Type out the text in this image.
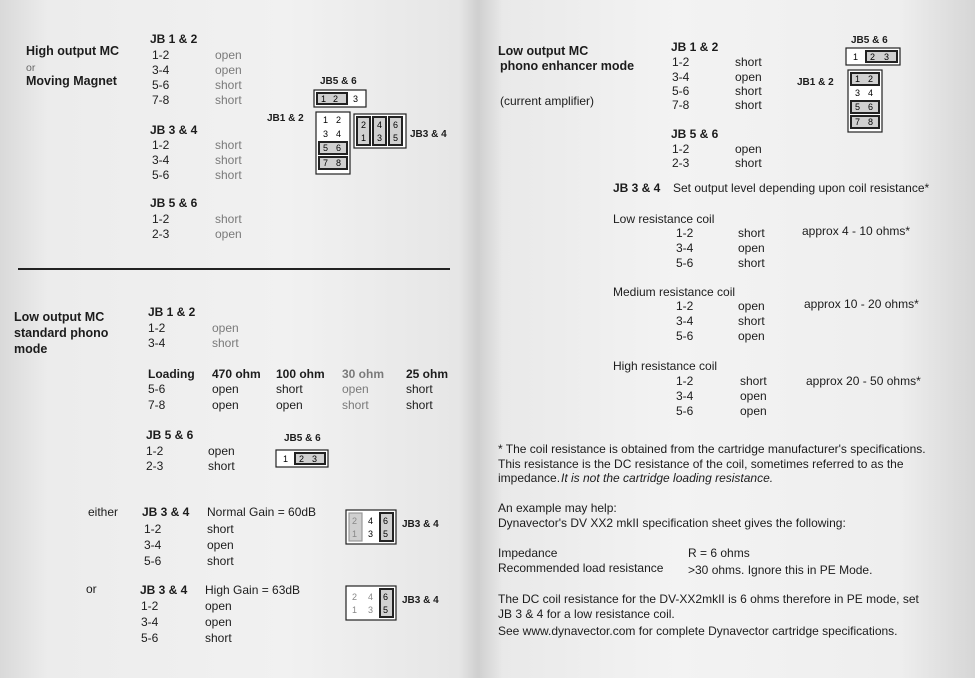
High output MC
or
Moving Magnet
JB 1 & 2
1-2	open
3-4	open
5-6	short
7-8	short
JB 3 & 4
1-2	short
3-4	short
5-6	short
JB 5 & 6
1-2	short
2-3	open
JB5 & 6
JB1 & 2
JB3 & 4
1 2 3
1 2
3 4
5 6
7 8
2 4 6
1 3 5
Low output MC
standard phono
mode
JB 1 & 2
1-2	open
3-4	short
Loading 470 ohm 100 ohm 30 ohm 25 ohm
5-6	open	short	open	short
7-8	open	open	short	short
JB 5 & 6
1-2	open
2-3	short
JB5 & 6
1 2 3
either JB 3 & 4 Normal Gain = 60dB
1-2	short
3-4	open
5-6	short
2 4 6
1 3 5
JB3 & 4
or	JB 3 & 4 High Gain = 63dB
1-2	open
3-4	open
5-6	short
2 4 6
1 3 5
JB3 & 4
Low output MC
phono enhancer mode
(current amplifier)
JB 1 & 2
1-2	short
3-4	open
5-6	short
7-8	short
JB 5 & 6
1-2	open
2-3	short
JB5 & 6
JB1 & 2
1 2 3
1 2
3 4
5 6
7 8
JB 3 & 4 Set output level depending upon coil resistance*
Low resistance coil
1-2	short	approx 4 - 10 ohms*
3-4	open
5-6	short
Medium resistance coil
1-2	open	approx 10 - 20 ohms*
3-4	short
5-6	open
High resistance coil
1-2	short	approx 20 - 50 ohms*
3-4	open
5-6	open
* The coil resistance is obtained from the cartridge manufacturer's specifications.
This resistance is the DC resistance of the coil, sometimes referred to as the
impedance. It is not the cartridge loading resistance.
An example may help:
Dynavector's DV XX2 mkII specification sheet gives the following:
Impedance	R = 6 ohms
Recommended load resistance >30 ohms. Ignore this in PE Mode.
The DC coil resistance for the DV-XX2mkII is 6 ohms therefore in PE mode, set
JB 3 & 4 for a low resistance coil.
See www.dynavector.com for complete Dynavector cartridge specifications.
